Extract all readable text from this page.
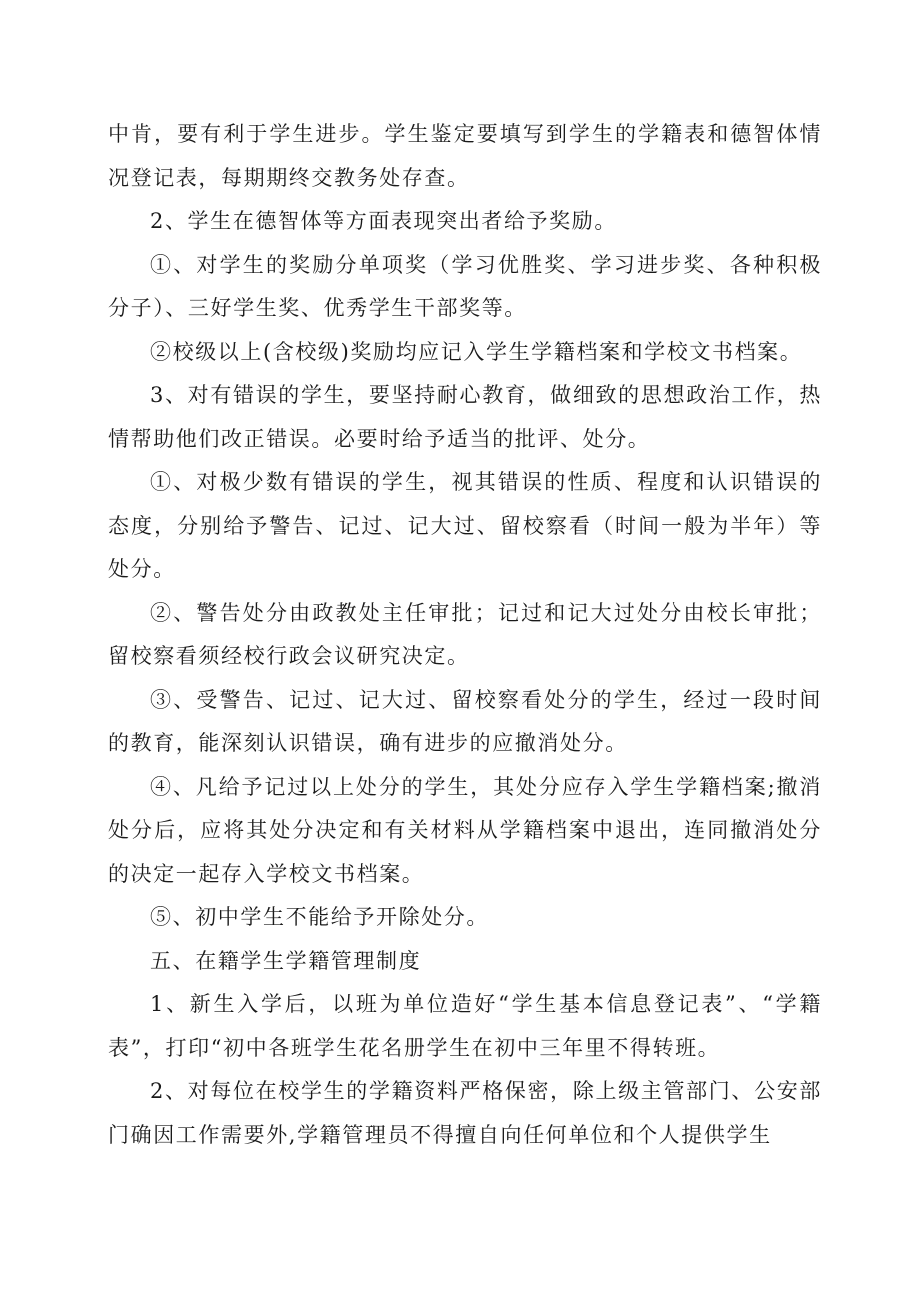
中肯，要有利于学生进步。学生鉴定要填写到学生的学籍表和德智体情况登记表，每期期终交教务处存查。

2、学生在德智体等方面表现突出者给予奖励。

①、对学生的奖励分单项奖（学习优胜奖、学习进步奖、各种积极分子）、三好学生奖、优秀学生干部奖等。

②校级以上(含校级)奖励均应记入学生学籍档案和学校文书档案。

3、对有错误的学生，要坚持耐心教育，做细致的思想政治工作，热情帮助他们改正错误。必要时给予适当的批评、处分。

①、对极少数有错误的学生，视其错误的性质、程度和认识错误的态度，分别给予警告、记过、记大过、留校察看（时间一般为半年）等处分。

②、警告处分由政教处主任审批；记过和记大过处分由校长审批；留校察看须经校行政会议研究决定。

③、受警告、记过、记大过、留校察看处分的学生，经过一段时间的教育，能深刻认识错误，确有进步的应撤消处分。

④、凡给予记过以上处分的学生，其处分应存入学生学籍档案;撤消处分后，应将其处分决定和有关材料从学籍档案中退出，连同撤消处分的决定一起存入学校文书档案。

⑤、初中学生不能给予开除处分。

五、在籍学生学籍管理制度

1、新生入学后，以班为单位造好“学生基本信息登记表”、“学籍表”，打印“初中各班学生花名册学生在初中三年里不得转班。

2、对每位在校学生的学籍资料严格保密，除上级主管部门、公安部门确因工作需要外,学籍管理员不得擅自向任何单位和个人提供学生
